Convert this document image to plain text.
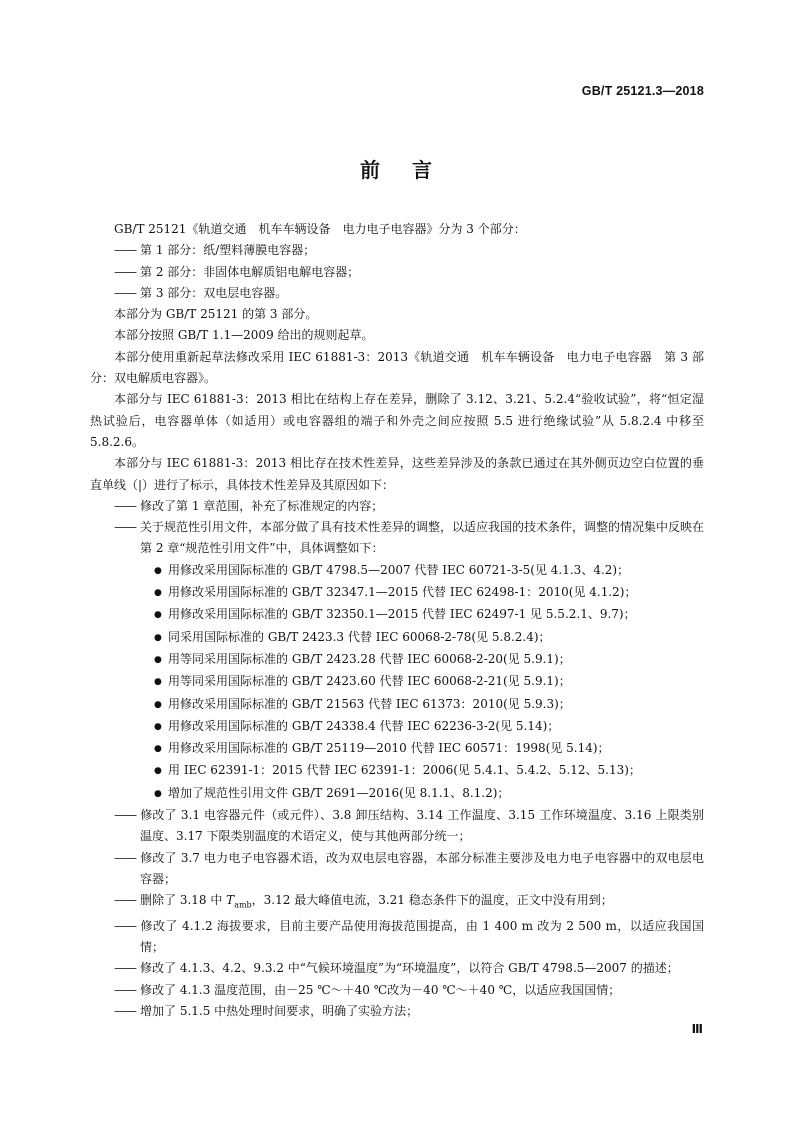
GB/T 25121.3—2018
前 言

GB/T 25121《轨道交通　机车车辆设备　电力电子电容器》分为 3 个部分：

—— 第 1 部分：纸/塑料薄膜电容器；

—— 第 2 部分：非固体电解质铝电解电容器；

—— 第 3 部分：双电层电容器。

本部分为 GB/T 25121 的第 3 部分。

本部分按照 GB/T 1.1—2009 给出的规则起草。

本部分使用重新起草法修改采用 IEC 61881-3：2013《轨道交通　机车车辆设备　电力电子电容器　第 3 部分：双电解质电容器》。

本部分与 IEC 61881-3：2013 相比在结构上存在差异，删除了 3.12、3.21、5.2.4“验收试验”，将“恒定湿热试验后，电容器单体（如适用）或电容器组的端子和外壳之间应按照 5.5 进行绝缘试验”从 5.8.2.4 中移至 5.8.2.6。

本部分与 IEC 61881-3：2013 相比存在技术性差异，这些差异涉及的条款已通过在其外侧页边空白位置的垂直单线（|）进行了标示，具体技术性差异及其原因如下：

—— 修改了第 1 章范围，补充了标准规定的内容；

—— 关于规范性引用文件，本部分做了具有技术性差异的调整，以适应我国的技术条件，调整的情况集中反映在第 2 章“规范性引用文件”中，具体调整如下：

● 用修改采用国际标准的 GB/T 4798.5—2007 代替 IEC 60721-3-5(见 4.1.3、4.2)；

● 用修改采用国际标准的 GB/T 32347.1—2015 代替 IEC 62498-1：2010(见 4.1.2)；

● 用修改采用国际标准的 GB/T 32350.1—2015 代替 IEC 62497-1 见 5.5.2.1、9.7)；

● 同采用国际标准的 GB/T 2423.3 代替 IEC 60068-2-78(见 5.8.2.4)；

● 用等同采用国际标准的 GB/T 2423.28 代替 IEC 60068-2-20(见 5.9.1)；

● 用等同采用国际标准的 GB/T 2423.60 代替 IEC 60068-2-21(见 5.9.1)；

● 用修改采用国际标准的 GB/T 21563 代替 IEC 61373：2010(见 5.9.3)；

● 用修改采用国际标准的 GB/T 24338.4 代替 IEC 62236-3-2(见 5.14)；

● 用修改采用国际标准的 GB/T 25119—2010 代替 IEC 60571：1998(见 5.14)；

● 用 IEC 62391-1：2015 代替 IEC 62391-1：2006(见 5.4.1、5.4.2、5.12、5.13)；

● 增加了规范性引用文件 GB/T 2691—2016(见 8.1.1、8.1.2)；

—— 修改了 3.1 电容器元件（或元件）、3.8 卸压结构、3.14 工作温度、3.15 工作环境温度、3.16 上限类别温度、3.17 下限类别温度的术语定义，使与其他两部分统一；

—— 修改了 3.7 电力电子电容器术语，改为双电层电容器，本部分标准主要涉及电力电子电容器中的双电层电容器；

—— 删除了 3.18 中 $T_{amb}$，3.12 最大峰值电流，3.21 稳态条件下的温度，正文中没有用到；

—— 修改了 4.1.2 海拔要求，目前主要产品使用海拔范围提高，由 1 400 m 改为 2 500 m，以适应我国国情；

—— 修改了 4.1.3、4.2、9.3.2 中“气候环境温度”为“环境温度”，以符合 GB/T 4798.5—2007 的描述；

—— 修改了 4.1.3 温度范围，由－25 ℃～＋40 ℃改为－40 ℃～＋40 ℃，以适应我国国情；

—— 增加了 5.1.5 中热处理时间要求，明确了实验方法；

Ⅲ
